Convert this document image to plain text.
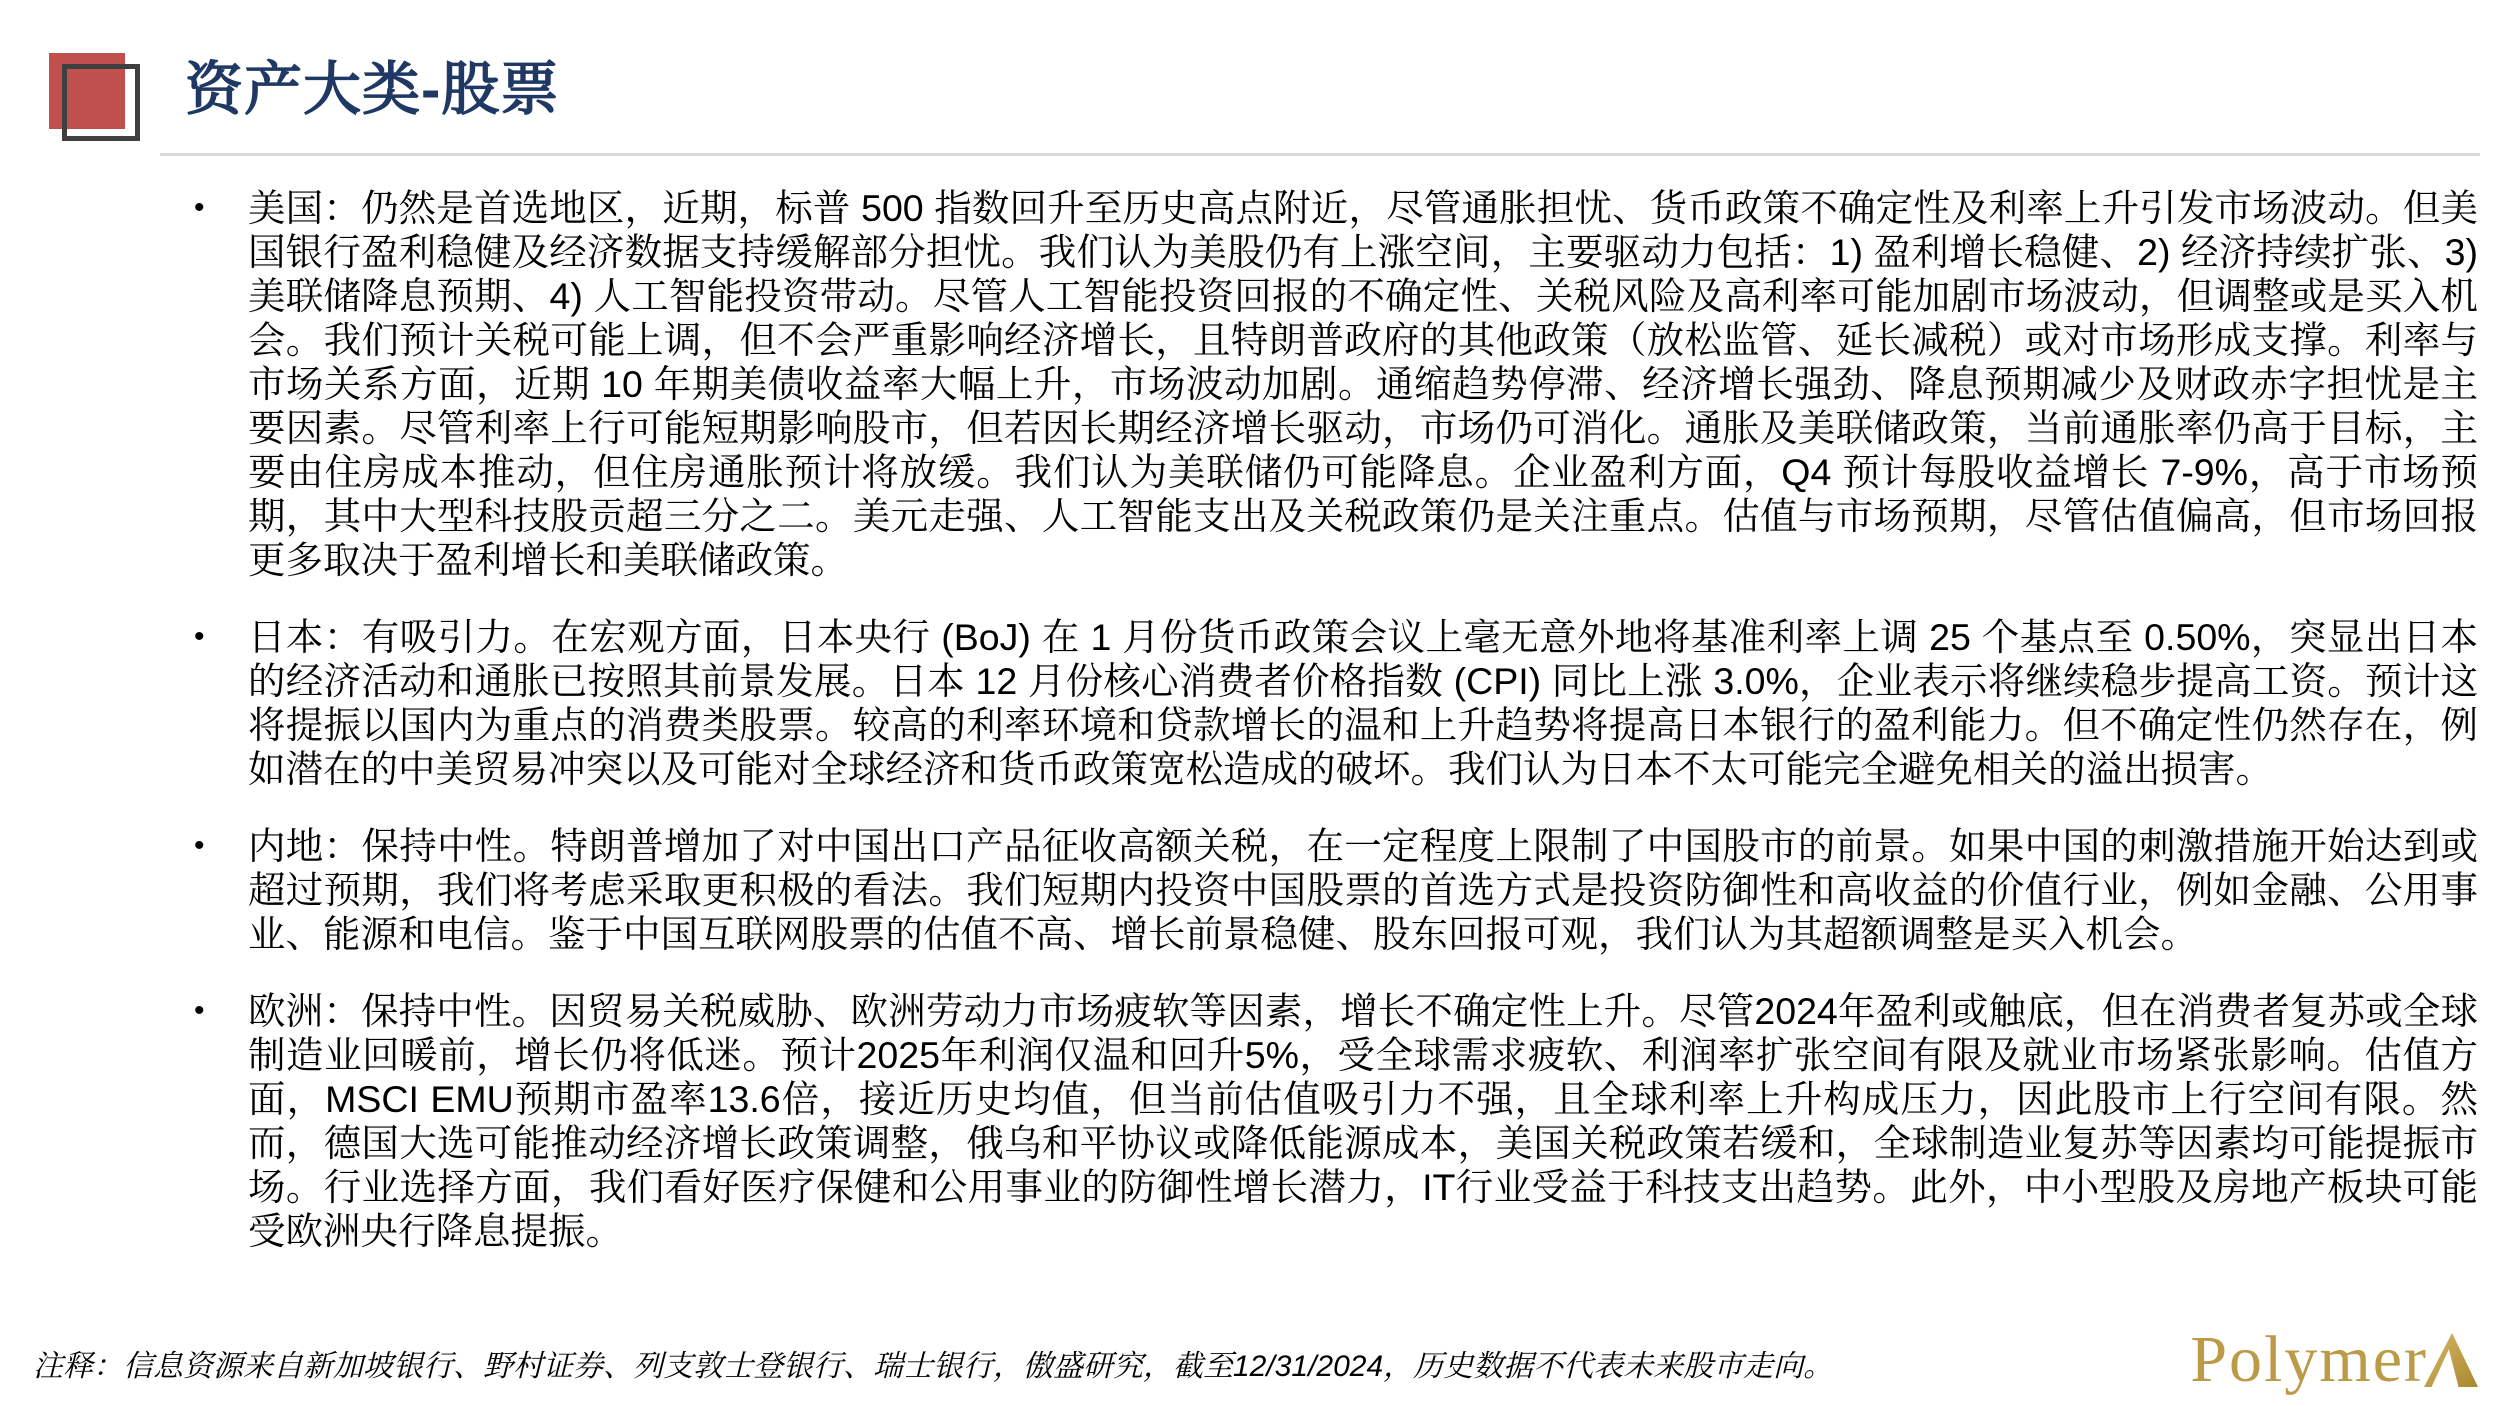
资产大类-股票
•	美国：仍然是首选地区，近期，标普 500 指数回升至历史高点附近，尽管通胀担忧、货币政策不确定性及利率上升引发市场波动。但美国银行盈利稳健及经济数据支持缓解部分担忧。我们认为美股仍有上涨空间，主要驱动力包括：1) 盈利增长稳健、2) 经济持续扩张、3) 美联储降息预期、4) 人工智能投资带动。尽管人工智能投资回报的不确定性、关税风险及高利率可能加剧市场波动，但调整或是买入机会。我们预计关税可能上调，但不会严重影响经济增长，且特朗普政府的其他政策（放松监管、延长减税）或对市场形成支撑。利率与市场关系方面，近期 10 年期美债收益率大幅上升，市场波动加剧。通缩趋势停滞、经济增长强劲、降息预期减少及财政赤字担忧是主要因素。尽管利率上行可能短期影响股市，但若因长期经济增长驱动，市场仍可消化。通胀及美联储政策，当前通胀率仍高于目标，主要由住房成本推动，但住房通胀预计将放缓。我们认为美联储仍可能降息。企业盈利方面，Q4 预计每股收益增长 7-9%，高于市场预期，其中大型科技股贡超三分之二。美元走强、人工智能支出及关税政策仍是关注重点。估值与市场预期，尽管估值偏高，但市场回报更多取决于盈利增长和美联储政策。

•	日本：有吸引力。在宏观方面，日本央行 (BoJ) 在 1 月份货币政策会议上毫无意外地将基准利率上调 25 个基点至 0.50%，突显出日本的经济活动和通胀已按照其前景发展。日本 12 月份核心消费者价格指数 (CPI) 同比上涨 3.0%，企业表示将继续稳步提高工资。预计这将提振以国内为重点的消费类股票。较高的利率环境和贷款增长的温和上升趋势将提高日本银行的盈利能力。但不确定性仍然存在，例如潜在的中美贸易冲突以及可能对全球经济和货币政策宽松造成的破坏。我们认为日本不太可能完全避免相关的溢出损害。

•	内地：保持中性。特朗普增加了对中国出口产品征收高额关税，在一定程度上限制了中国股市的前景。如果中国的刺激措施开始达到或超过预期，我们将考虑采取更积极的看法。我们短期内投资中国股票的首选方式是投资防御性和高收益的价值行业，例如金融、公用事业、能源和电信。鉴于中国互联网股票的估值不高、增长前景稳健、股东回报可观，我们认为其超额调整是买入机会。

•	欧洲：保持中性。因贸易关税威胁、欧洲劳动力市场疲软等因素，增长不确定性上升。尽管2024年盈利或触底，但在消费者复苏或全球制造业回暖前，增长仍将低迷。预计2025年利润仅温和回升5%，受全球需求疲软、利润率扩张空间有限及就业市场紧张影响。估值方面，MSCI EMU预期市盈率13.6倍，接近历史均值，但当前估值吸引力不强，且全球利率上升构成压力，因此股市上行空间有限。然而，德国大选可能推动经济增长政策调整，俄乌和平协议或降低能源成本，美国关税政策若缓和，全球制造业复苏等因素均可能提振市场。行业选择方面，我们看好医疗保健和公用事业的防御性增长潜力，IT行业受益于科技支出趋势。此外，中小型股及房地产板块可能受欧洲央行降息提振。

注释：信息资源来自新加坡银行、野村证券、列支敦士登银行、瑞士银行，傲盛研究，截至12/31/2024，历史数据不代表未来股市走向。	Polymer
